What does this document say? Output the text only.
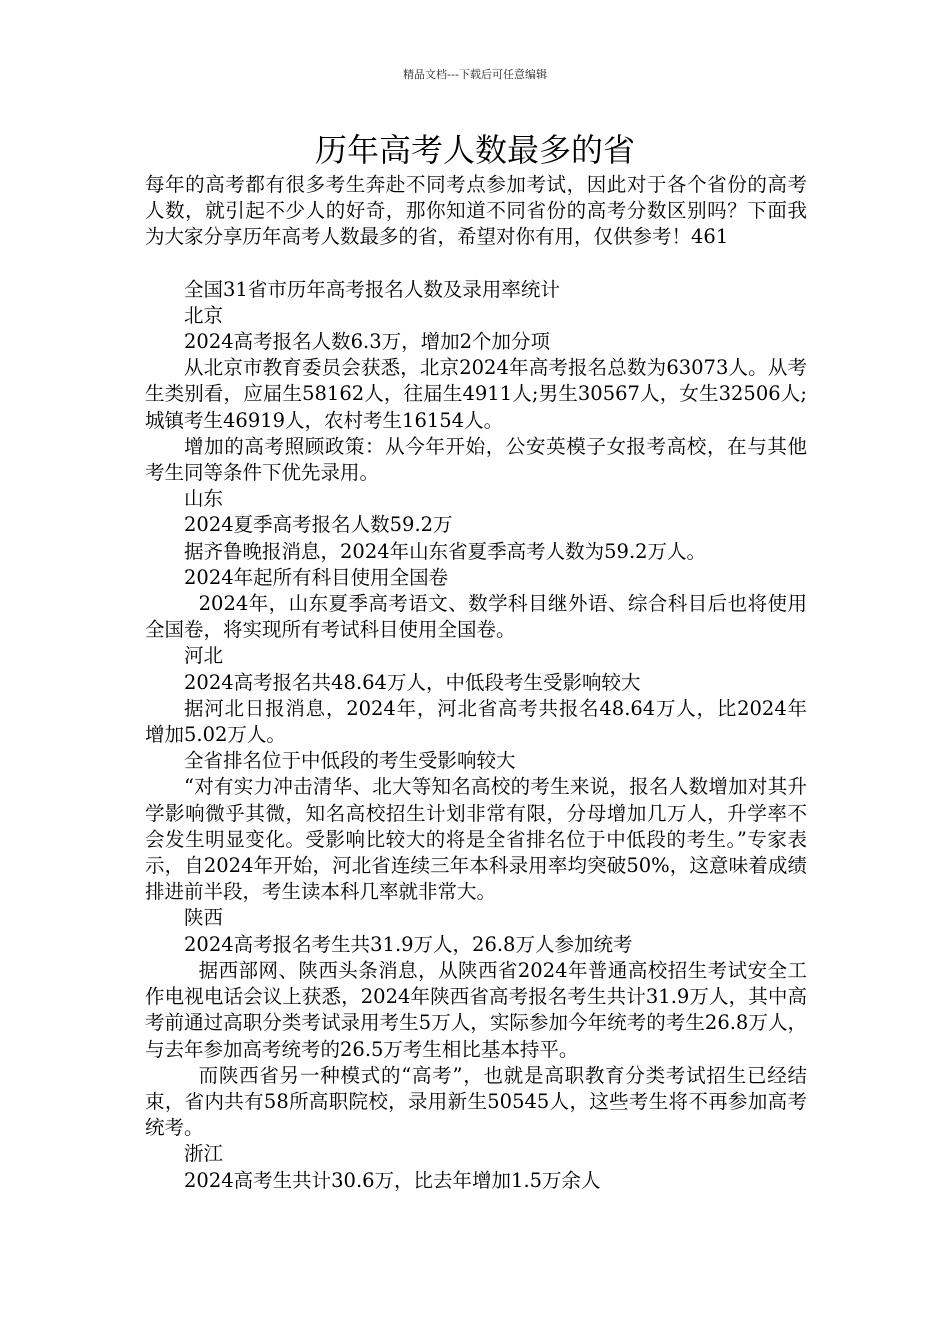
精品文档---下载后可任意编辑
历年高考人数最多的省

每年的高考都有很多考生奔赴不同考点参加考试，因此对于各个省份的高考人数，就引起不少人的好奇，那你知道不同省份的高考分数区别吗？下面我为大家分享历年高考人数最多的省，希望对你有用，仅供参考！461

全国31省市历年高考报名人数及录用率统计

北京

2024高考报名人数6.3万，增加2个加分项

从北京市教育委员会获悉，北京2024年高考报名总数为63073人。从考生类别看，应届生58162人，往届生4911人;男生30567人，女生32506人;城镇考生46919人，农村考生16154人。

增加的高考照顾政策：从今年开始，公安英模子女报考高校，在与其他考生同等条件下优先录用。

山东

2024夏季高考报名人数59.2万

据齐鲁晚报消息，2024年山东省夏季高考人数为59.2万人。

2024年起所有科目使用全国卷

2024年，山东夏季高考语文、数学科目继外语、综合科目后也将使用全国卷，将实现所有考试科目使用全国卷。

河北

2024高考报名共48.64万人，中低段考生受影响较大

据河北日报消息，2024年，河北省高考共报名48.64万人，比2024年增加5.02万人。

全省排名位于中低段的考生受影响较大

“对有实力冲击清华、北大等知名高校的考生来说，报名人数增加对其升学影响微乎其微，知名高校招生计划非常有限，分母增加几万人，升学率不会发生明显变化。受影响比较大的将是全省排名位于中低段的考生。”专家表示，自2024年开始，河北省连续三年本科录用率均突破50%，这意味着成绩排进前半段，考生读本科几率就非常大。

陕西

2024高考报名考生共31.9万人，26.8万人参加统考

据西部网、陕西头条消息，从陕西省2024年普通高校招生考试安全工作电视电话会议上获悉，2024年陕西省高考报名考生共计31.9万人，其中高考前通过高职分类考试录用考生5万人，实际参加今年统考的考生26.8万人，与去年参加高考统考的26.5万考生相比基本持平。

而陕西省另一种模式的“高考”，也就是高职教育分类考试招生已经结束，省内共有58所高职院校，录用新生50545人，这些考生将不再参加高考统考。

浙江

2024高考生共计30.6万，比去年增加1.5万余人
